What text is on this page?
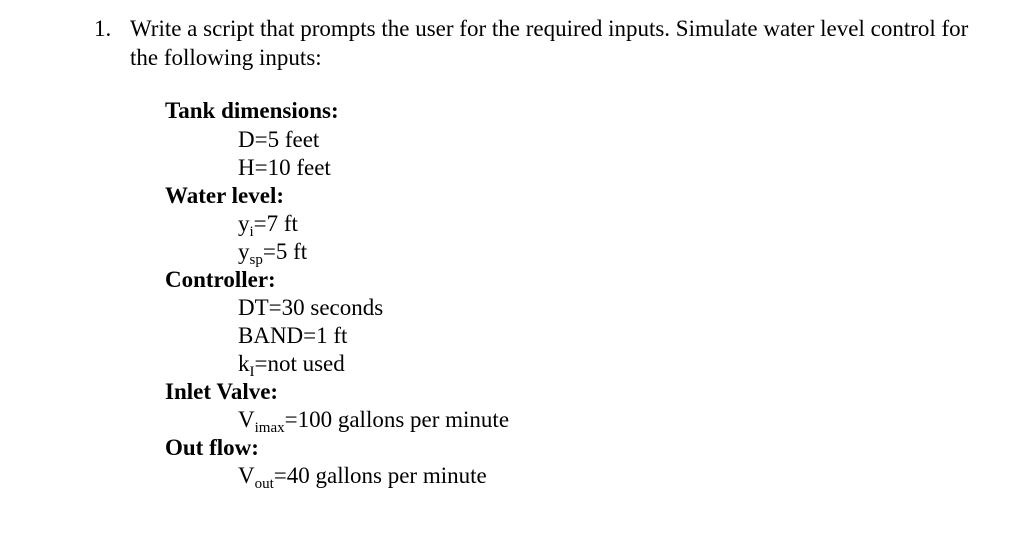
1. Write a script that prompts the user for the required inputs. Simulate water level control for the following inputs:
Tank dimensions:
D=5 feet
H=10 feet
Water level:
$y_i=7$ ft
$y_{sp}=5$ ft
Controller:
DT=30 seconds
BAND=1 ft
$k_I=not$ used
Inlet Valve:
$V_{imax}=100$ gallons per minute
Out flow:
$V_{out}=40$ gallons per minute
